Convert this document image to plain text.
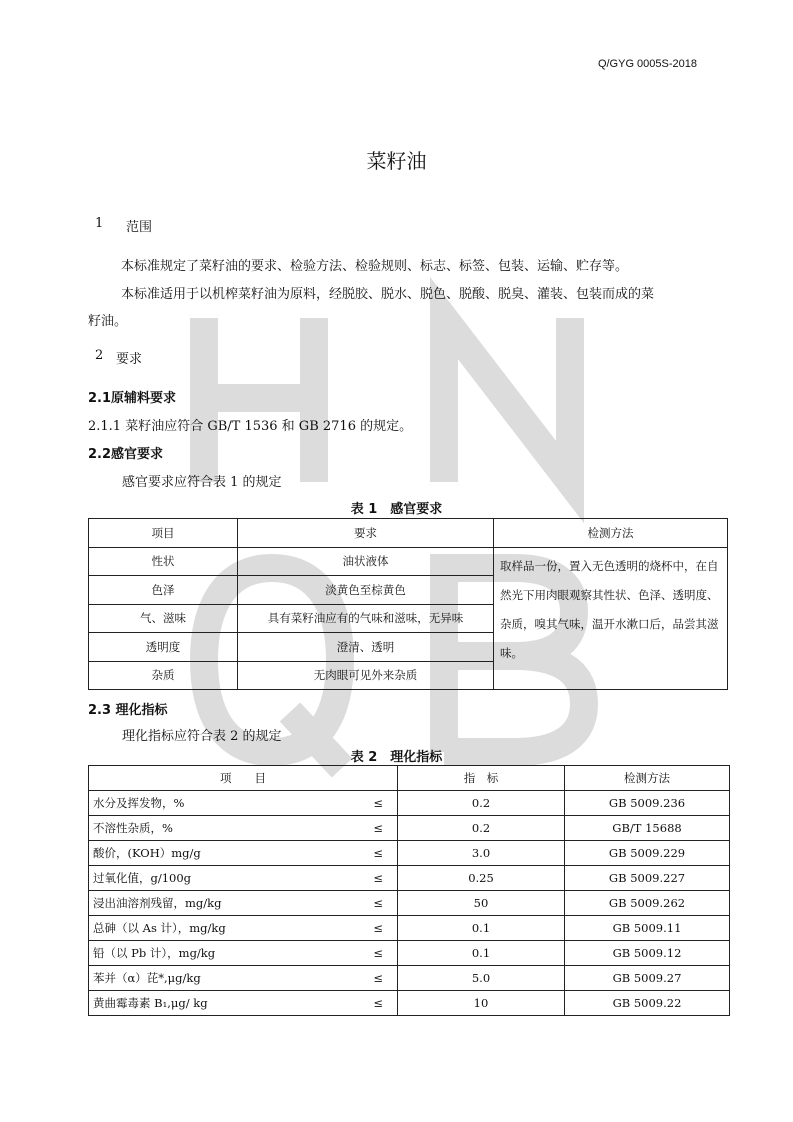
Q/GYG 0005S-2018
菜籽油
1 范围
本标准规定了菜籽油的要求、检验方法、检验规则、标志、标签、包装、运输、贮存等。
本标准适用于以机榨菜籽油为原料，经脱胶、脱水、脱色、脱酸、脱臭、灌装、包装而成的菜
籽油。
2 要求
2.1原辅料要求
2.1.1 菜籽油应符合 GB/T 1536 和 GB 2716 的规定。
2.2感官要求
感官要求应符合表 1 的规定
表 1　感官要求
项目	要求	检测方法
性状	油状液体	取样品一份，置入无色透明的烧杯中，在自然光下用肉眼观察其性状、色泽、透明度、杂质，嗅其气味，温开水漱口后，品尝其滋味。
色泽	淡黄色至棕黄色	
气、滋味	具有菜籽油应有的气味和滋味，无异味	
透明度	澄清、透明	
杂质	无肉眼可见外来杂质	
2.3 理化指标
理化指标应符合表 2 的规定
表 2　理化指标
项　　目		指　标	检测方法
水分及挥发物，%	≤	0.2	GB 5009.236
不溶性杂质，%	≤	0.2	GB/T 15688
酸价，(KOH）mg/g	≤	3.0	GB 5009.229
过氧化值，g/100g	≤	0.25	GB 5009.227
浸出油溶剂残留，mg/kg	≤	50	GB 5009.262
总砷（以 As 计），mg/kg	≤	0.1	GB 5009.11
铅（以 Pb 计），mg/kg	≤	0.1	GB 5009.12
苯并（α）芘*,μg/kg	≤	5.0	GB 5009.27
黄曲霉毒素 B₁,μg/ kg	≤	10	GB 5009.22
